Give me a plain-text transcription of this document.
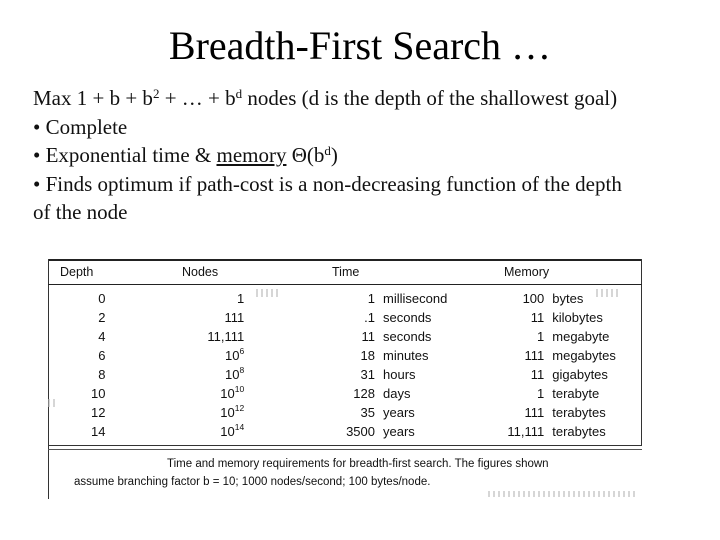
Breadth-First Search …
Max $1 + b + b^2$ + … + $b^d$ nodes (d is the depth of the shallowest goal)
• Complete
• Exponential time & memory $\Theta(b^d)$
• Finds optimum if path-cost is a non-decreasing function of the depth
of the node
Depth	Nodes	Time	Memory
0	1	1	millisecond	100	bytes
2	111	.1	seconds	11	kilobytes
4	11,111	11	seconds	1	megabyte
6	$10^6$	18	minutes	111	megabytes
8	$10^8$	31	hours	11	gigabytes
10	$10^{10}$	128	days	1	terabyte
12	$10^{12}$	35	years	111	terabytes
14	$10^{14}$	3500	years	11,111	terabytes
Time and memory requirements for breadth-first search. The figures shown
assume branching factor b = 10; 1000 nodes/second; 100 bytes/node.
